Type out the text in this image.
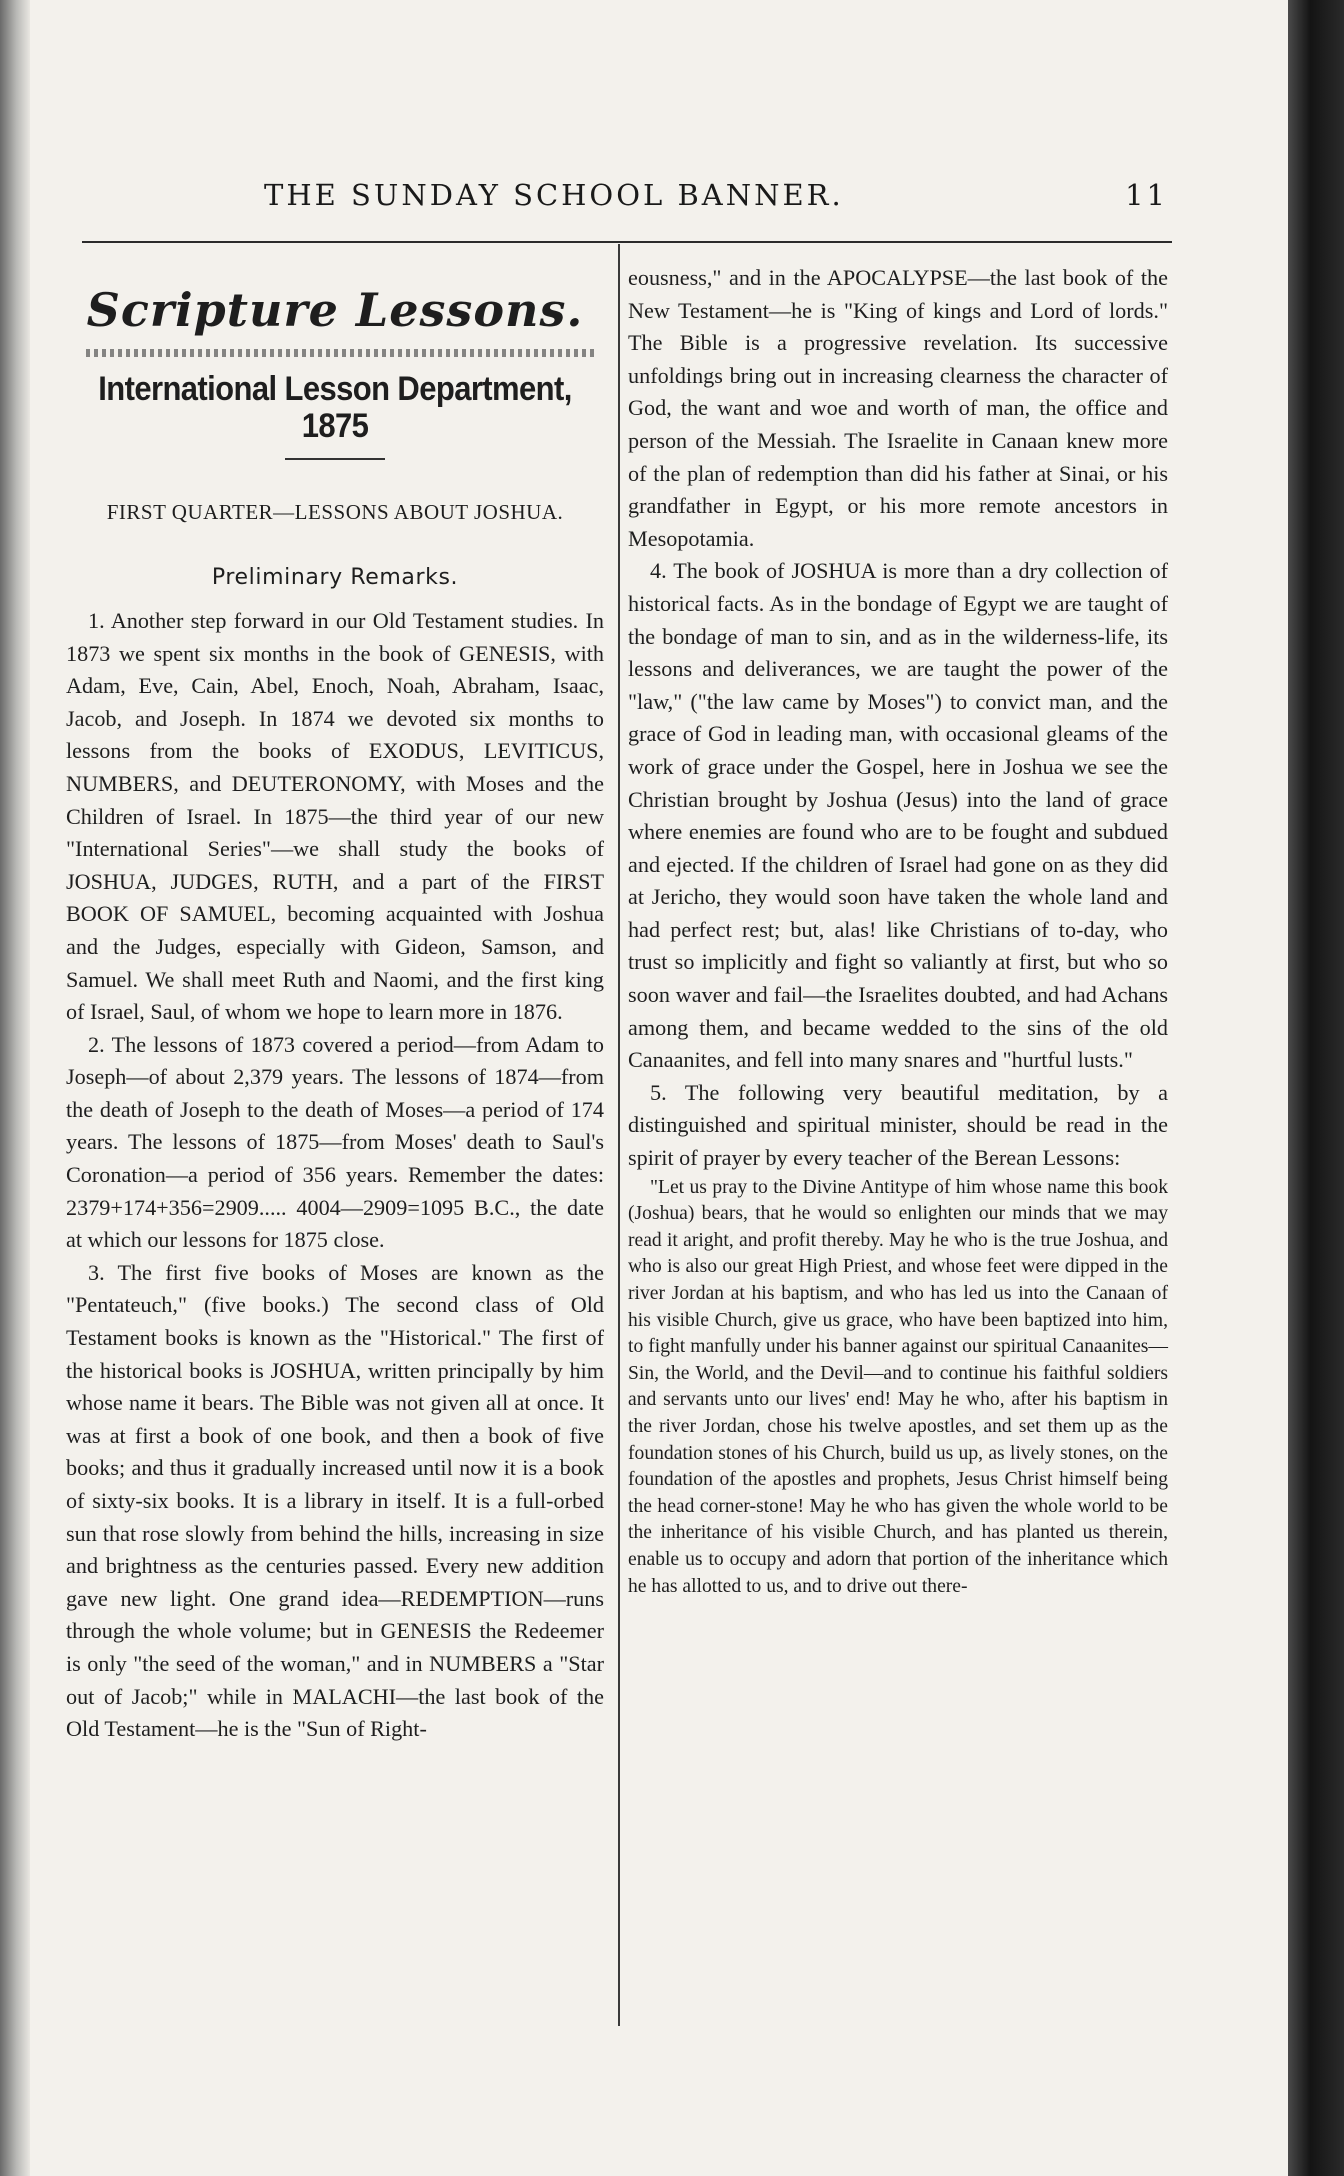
THE SUNDAY SCHOOL BANNER.	11
Scripture Lessons.
International Lesson Department, 1875
FIRST QUARTER—LESSONS ABOUT JOSHUA.
Preliminary Remarks.

1. Another step forward in our Old Testament studies. In 1873 we spent six months in the book of GENESIS, with Adam, Eve, Cain, Abel, Enoch, Noah, Abraham, Isaac, Jacob, and Joseph. In 1874 we devoted six months to lessons from the books of EXODUS, LEVITICUS, NUMBERS, and DEUTERONOMY, with Moses and the Children of Israel. In 1875—the third year of our new "International Series"—we shall study the books of JOSHUA, JUDGES, RUTH, and a part of the FIRST BOOK OF SAMUEL, becoming acquainted with Joshua and the Judges, especially with Gideon, Samson, and Samuel. We shall meet Ruth and Naomi, and the first king of Israel, Saul, of whom we hope to learn more in 1876.

2. The lessons of 1873 covered a period—from Adam to Joseph—of about 2,379 years. The lessons of 1874—from the death of Joseph to the death of Moses—a period of 174 years. The lessons of 1875—from Moses' death to Saul's Coronation—a period of 356 years. Remember the dates: 2379+174+356=2909..... 4004—2909=1095 B.C., the date at which our lessons for 1875 close.

3. The first five books of Moses are known as the "Pentateuch," (five books.) The second class of Old Testament books is known as the "Historical." The first of the historical books is JOSHUA, written principally by him whose name it bears. The Bible was not given all at once. It was at first a book of one book, and then a book of five books; and thus it gradually increased until now it is a book of sixty-six books. It is a library in itself. It is a full-orbed sun that rose slowly from behind the hills, increasing in size and brightness as the centuries passed. Every new addition gave new light. One grand idea—REDEMPTION—runs through the whole volume; but in GENESIS the Redeemer is only "the seed of the woman," and in NUMBERS a "Star out of Jacob;" while in MALACHI—the last book of the Old Testament—he is the "Sun of Right-

eousness," and in the APOCALYPSE—the last book of the New Testament—he is "King of kings and Lord of lords." The Bible is a progressive revelation. Its successive unfoldings bring out in increasing clearness the character of God, the want and woe and worth of man, the office and person of the Messiah. The Israelite in Canaan knew more of the plan of redemption than did his father at Sinai, or his grandfather in Egypt, or his more remote ancestors in Mesopotamia.

4. The book of JOSHUA is more than a dry collection of historical facts. As in the bondage of Egypt we are taught of the bondage of man to sin, and as in the wilderness-life, its lessons and deliverances, we are taught the power of the "law," ("the law came by Moses") to convict man, and the grace of God in leading man, with occasional gleams of the work of grace under the Gospel, here in Joshua we see the Christian brought by Joshua (Jesus) into the land of grace where enemies are found who are to be fought and subdued and ejected. If the children of Israel had gone on as they did at Jericho, they would soon have taken the whole land and had perfect rest; but, alas! like Christians of to-day, who trust so implicitly and fight so valiantly at first, but who so soon waver and fail—the Israelites doubted, and had Achans among them, and became wedded to the sins of the old Canaanites, and fell into many snares and "hurtful lusts."

5. The following very beautiful meditation, by a distinguished and spiritual minister, should be read in the spirit of prayer by every teacher of the Berean Lessons:

"Let us pray to the Divine Antitype of him whose name this book (Joshua) bears, that he would so enlighten our minds that we may read it aright, and profit thereby. May he who is the true Joshua, and who is also our great High Priest, and whose feet were dipped in the river Jordan at his baptism, and who has led us into the Canaan of his visible Church, give us grace, who have been baptized into him, to fight manfully under his banner against our spiritual Canaanites—Sin, the World, and the Devil—and to continue his faithful soldiers and servants unto our lives' end! May he who, after his baptism in the river Jordan, chose his twelve apostles, and set them up as the foundation stones of his Church, build us up, as lively stones, on the foundation of the apostles and prophets, Jesus Christ himself being the head corner-stone! May he who has given the whole world to be the inheritance of his visible Church, and has planted us therein, enable us to occupy and adorn that portion of the inheritance which he has allotted to us, and to drive out there-
